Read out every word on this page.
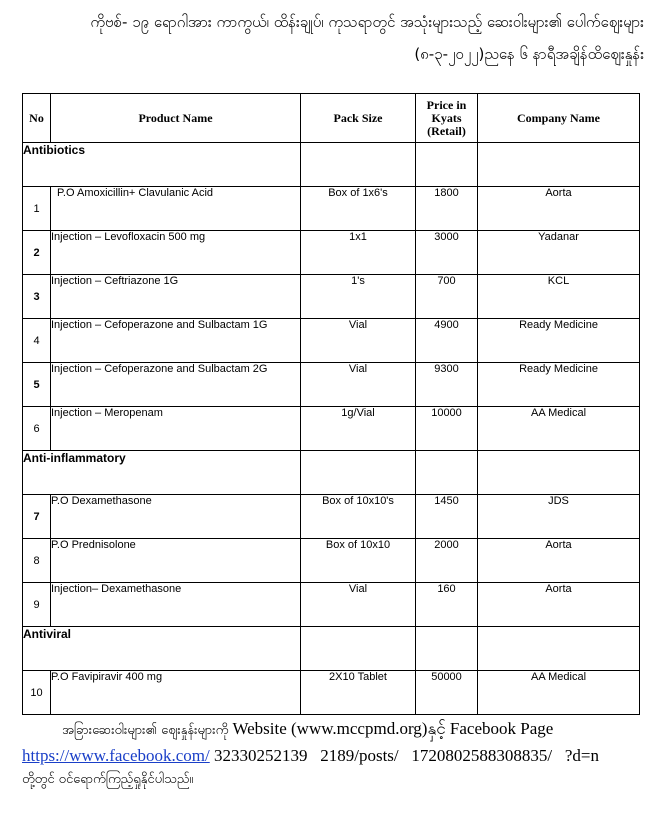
ကိုဗစ်- ၁၉ ရောဂါအား ကာကွယ်၊ ထိန်းချုပ်၊ ကုသရာတွင် အသုံးများသည့် ဆေးဝါးများ၏ ပေါက်ဈေးများ
(၈-၃-၂၀၂၂)ညနေ ၆ နာရီအချိန်ထိဈေးနှုန်း
No	Product Name	Pack Size	Price in Kyats (Retail)	Company Name
Antibiotics				
1	P.O Amoxicillin+ Clavulanic Acid	Box of 1x6's	1800	Aorta
2	Injection – Levofloxacin 500 mg	1x1	3000	Yadanar
3	Injection – Ceftriazone 1G	1's	700	KCL
4	Injection – Cefoperazone and Sulbactam 1G	Vial	4900	Ready Medicine
5	Injection – Cefoperazone and Sulbactam 2G	Vial	9300	Ready Medicine
6	Injection – Meropenam	1g/Vial	10000	AA Medical
Anti-inflammatory				
7	P.O Dexamethasone	Box of 10x10's	1450	JDS
8	P.O Prednisolone	Box of 10x10	2000	Aorta
9	Injection– Dexamethasone	Vial	160	Aorta
Antiviral				
10	P.O Favipiravir 400 mg	2X10 Tablet	50000	AA Medical
အခြားဆေးဝါးများ၏ ဈေးနှုန်းများကို Website (www.mccpmd.org)နှင့် Facebook Page
https://www.facebook.com/ 32330252139   2189/posts/   1720802588308835/   ?d=n
တို့တွင် ဝင်ရောက်ကြည့်ရှုနိုင်ပါသည်။
